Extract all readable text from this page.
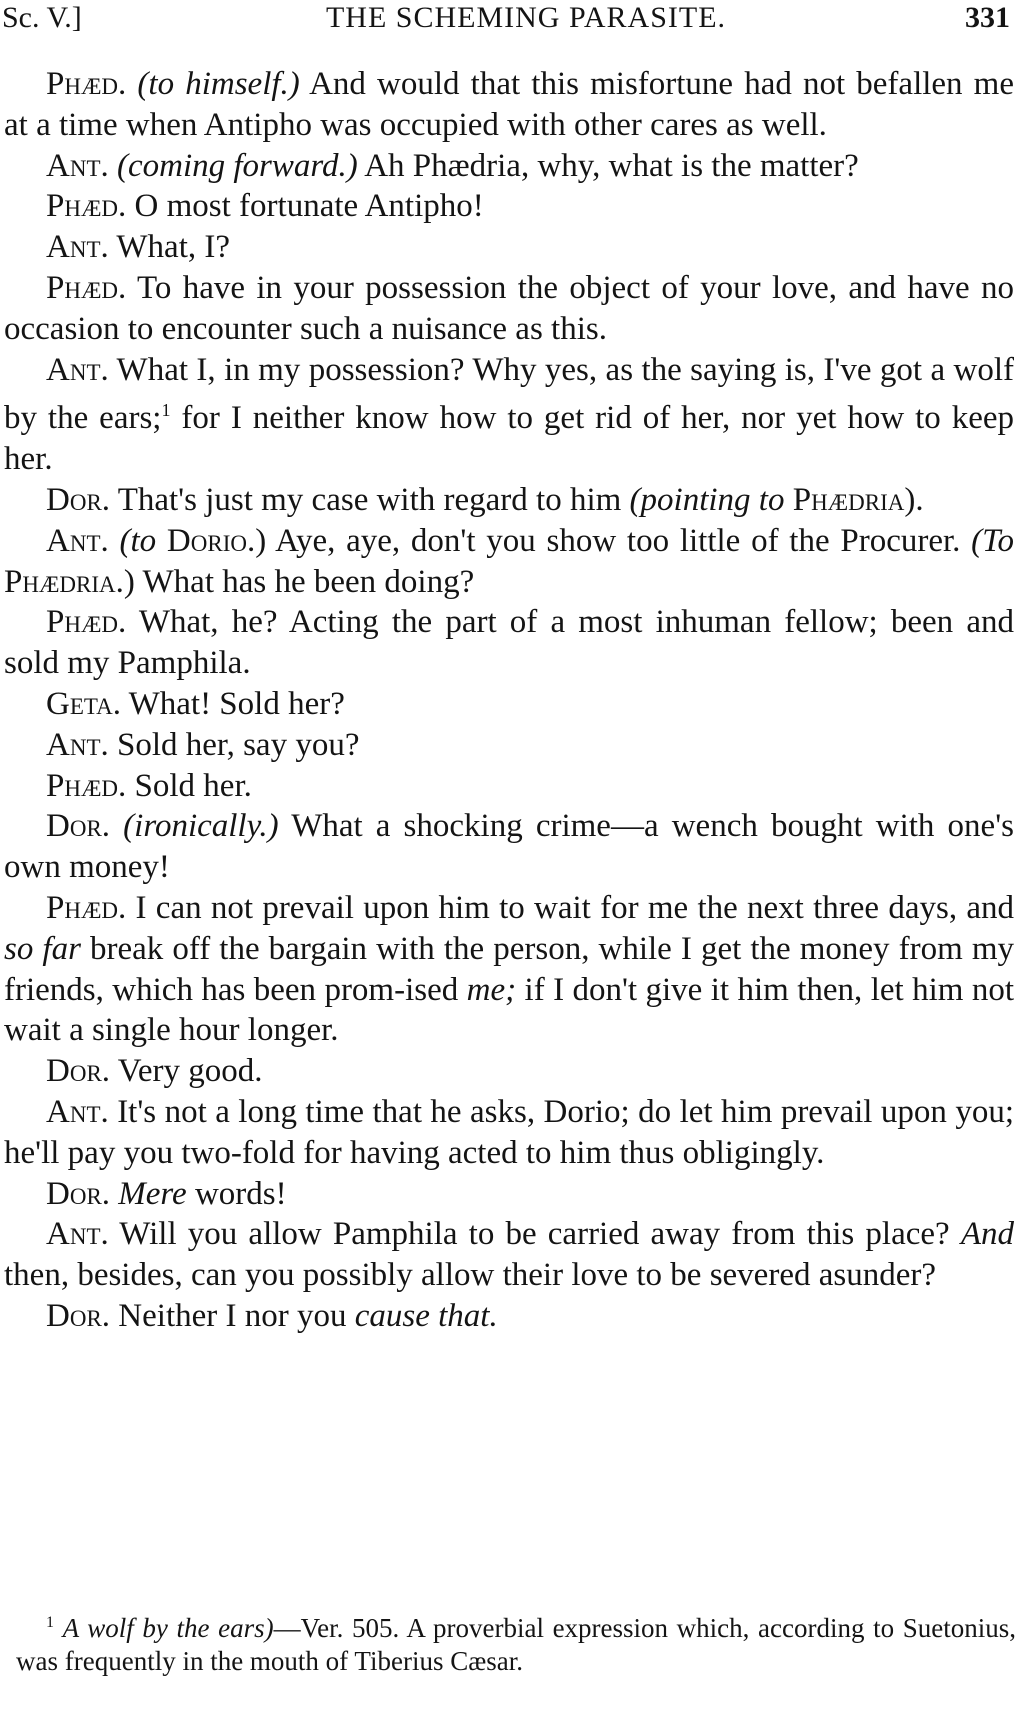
Sc. V.]	THE SCHEMING PARASITE.	331

Phæd. (to himself.) And would that this misfortune had not befallen me at a time when Antipho was occupied with other cares as well.

Ant. (coming forward.) Ah Phædria, why, what is the matter?

Phæd. O most fortunate Antipho!

Ant. What, I?

Phæd. To have in your possession the object of your love, and have no occasion to encounter such a nuisance as this.

Ant. What I, in my possession? Why yes, as the saying is, I've got a wolf by the ears;$^1$ for I neither know how to get rid of her, nor yet how to keep her.

Dor. That's just my case with regard to him (pointing to Phædria).

Ant. (to Dorio.) Aye, aye, don't you show too little of the Procurer. (To Phædria.) What has he been doing?

Phæd. What, he? Acting the part of a most inhuman fellow; been and sold my Pamphila.

Geta. What! Sold her?

Ant. Sold her, say you?

Phæd. Sold her.

Dor. (ironically.) What a shocking crime—a wench bought with one's own money!

Phæd. I can not prevail upon him to wait for me the next three days, and so far break off the bargain with the person, while I get the money from my friends, which has been prom-ised me; if I don't give it him then, let him not wait a single hour longer.

Dor. Very good.

Ant. It's not a long time that he asks, Dorio; do let him prevail upon you; he'll pay you two-fold for having acted to him thus obligingly.

Dor. Mere words!

Ant. Will you allow Pamphila to be carried away from this place? And then, besides, can you possibly allow their love to be severed asunder?

Dor. Neither I nor you cause that.

$^1$ A wolf by the ears)—Ver. 505. A proverbial expression which, according to Suetonius, was frequently in the mouth of Tiberius Cæsar.
